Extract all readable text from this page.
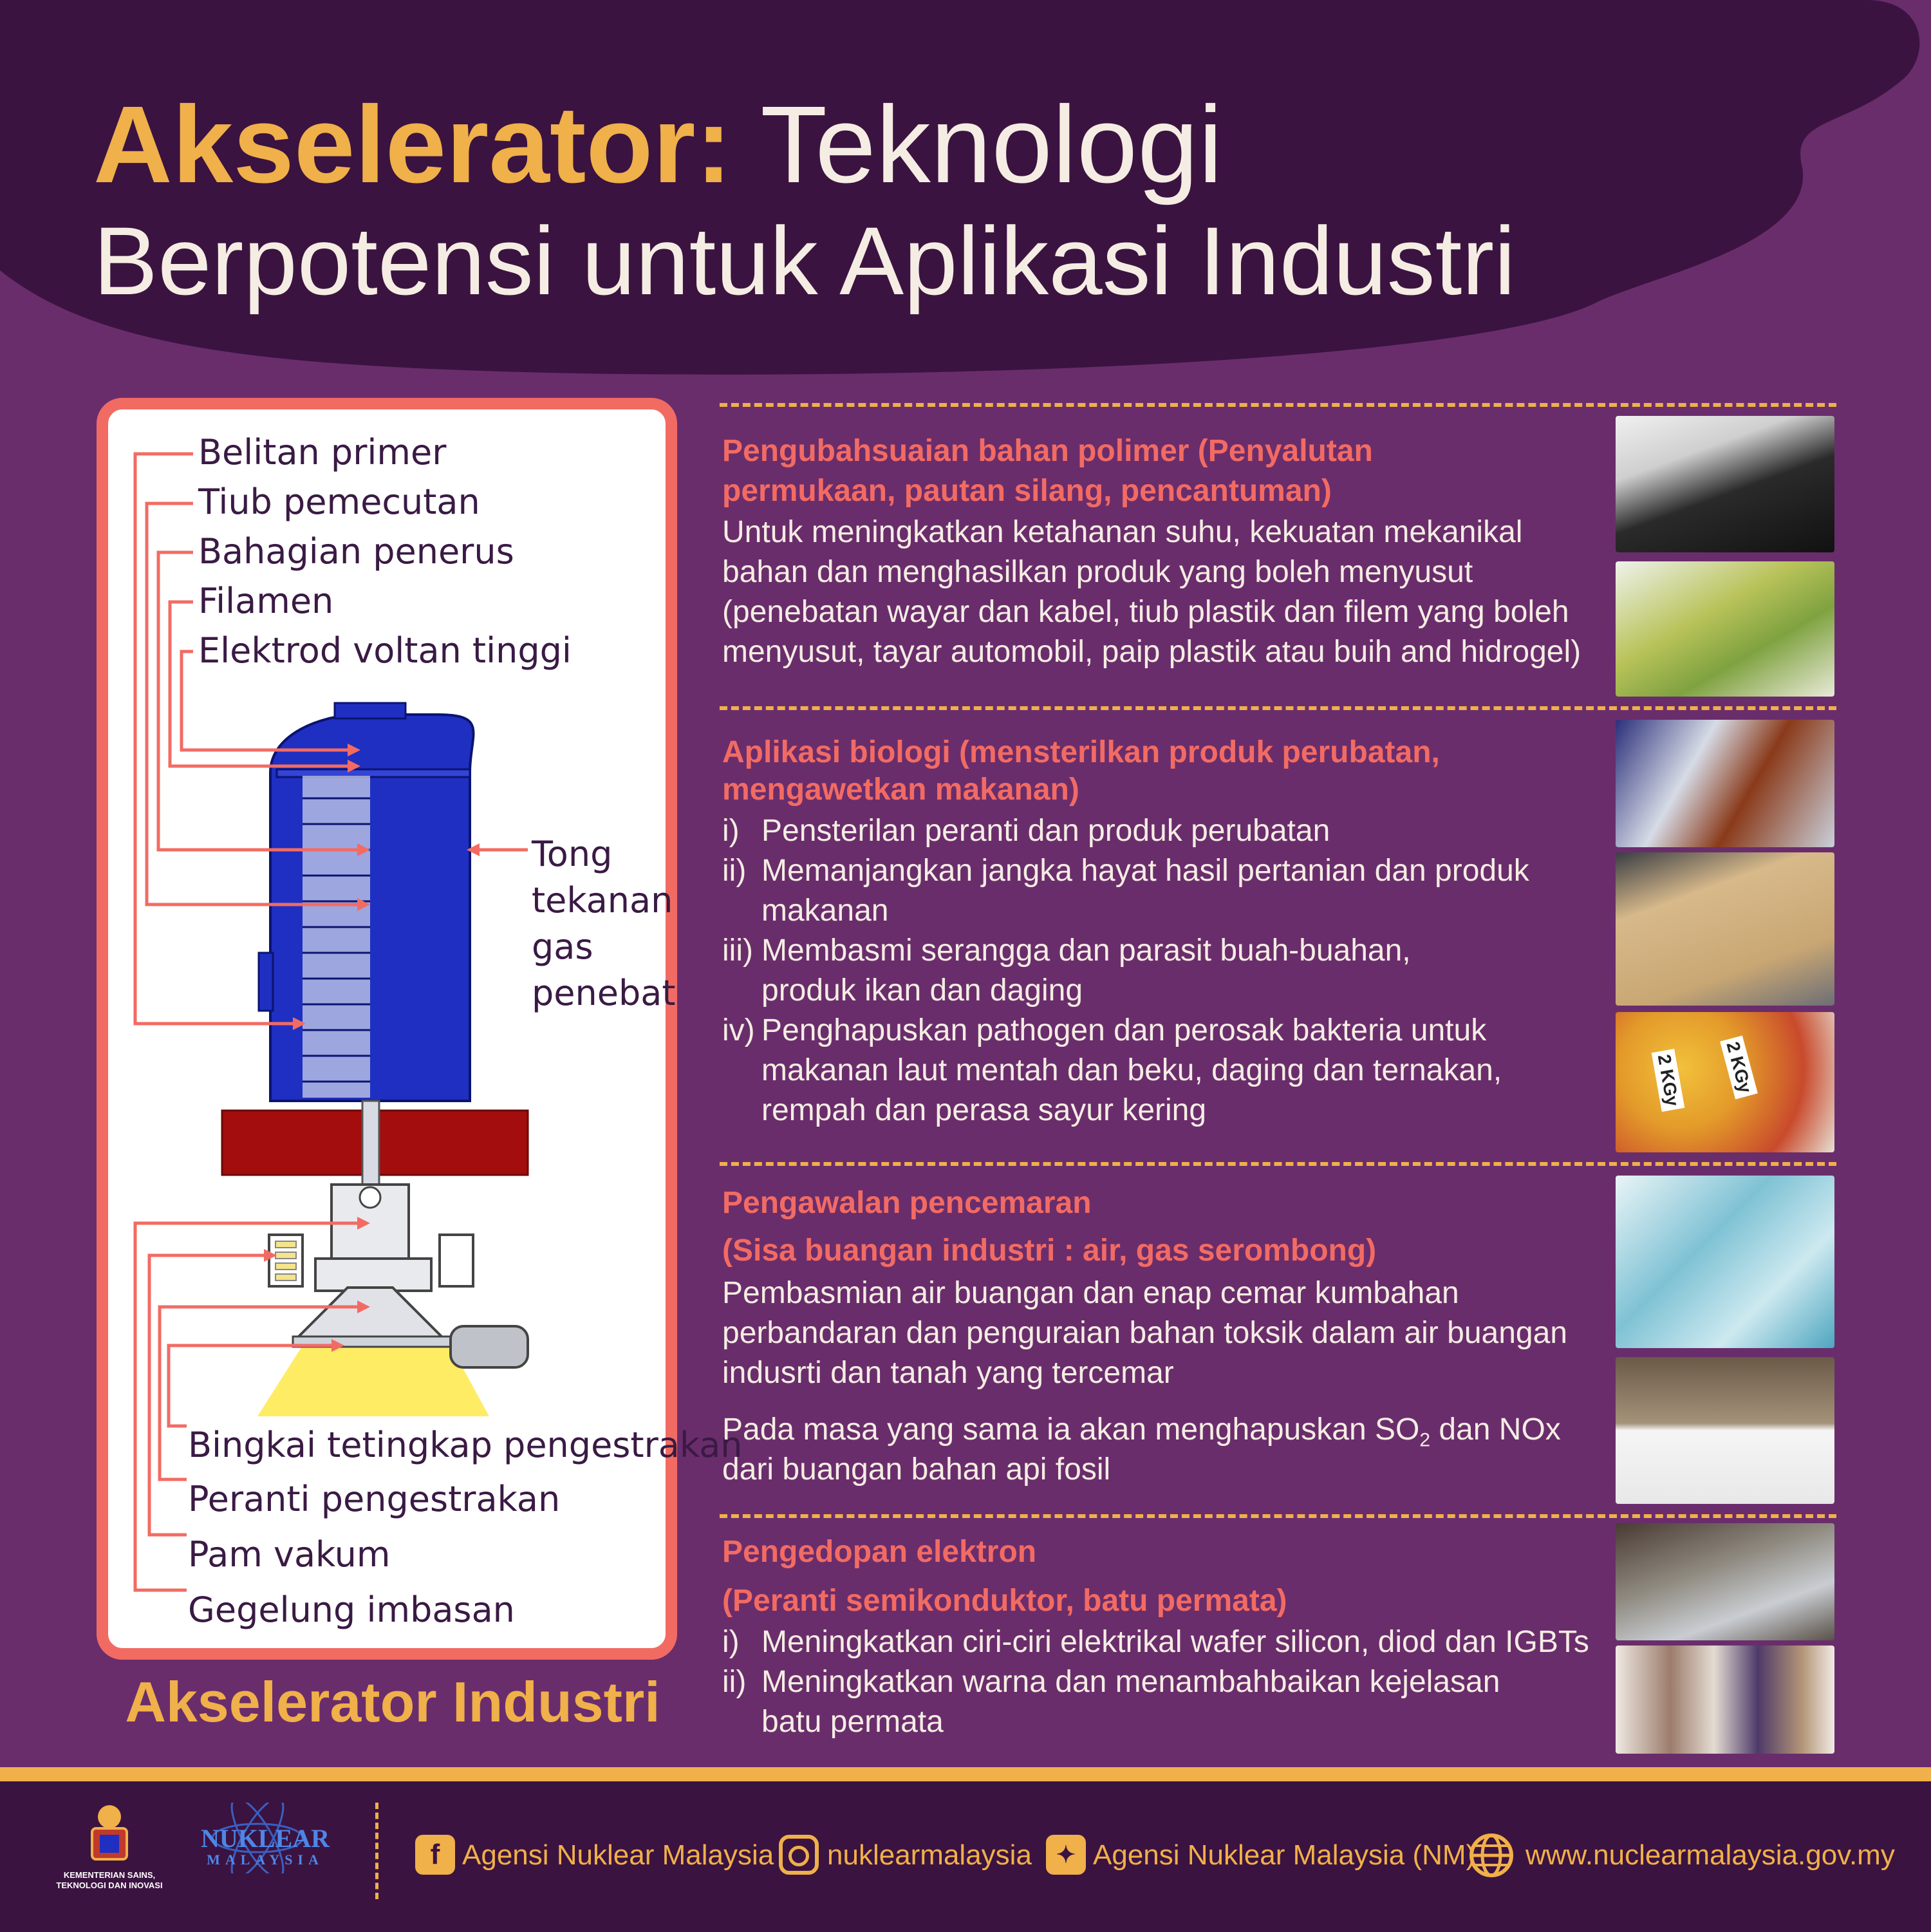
Akselerator: Teknologi
Berpotensi untuk Aplikasi Industri
Belitan primer
Tiub pemecutan
Bahagian penerus
Filamen
Elektrod voltan tinggi
Tong
tekanan
gas
penebat
Bingkai tetingkap pengestrakan
Peranti pengestrakan
Pam vakum
Gegelung imbasan
Akselerator Industri
Pengubahsuaian bahan polimer (Penyalutan
permukaan, pautan silang, pencantuman)
Untuk meningkatkan ketahanan suhu, kekuatan mekanikal
bahan dan menghasilkan produk yang boleh menyusut
(penebatan wayar dan kabel, tiub plastik dan filem yang boleh
menyusut, tayar automobil, paip plastik atau buih and hidrogel)
Aplikasi biologi (mensterilkan produk perubatan,
mengawetkan makanan)
i) Pensterilan peranti dan produk perubatan
ii) Memanjangkan jangka hayat hasil pertanian dan produk
makanan
iii) Membasmi serangga dan parasit buah-buahan,
produk ikan dan daging
iv) Penghapuskan pathogen dan perosak bakteria untuk
makanan laut mentah dan beku, daging dan ternakan,
rempah dan perasa sayur kering
2 KGy 2 KGy
Pengawalan pencemaran
(Sisa buangan industri : air, gas serombong)
Pembasmian air buangan dan enap cemar kumbahan
perbandaran dan penguraian bahan toksik dalam air buangan
indusrti dan tanah yang tercemar
Pada masa yang sama ia akan menghapuskan $SO_2$ dan NOx
dari buangan bahan api fosil
Pengedopan elektron
(Peranti semikonduktor, batu permata)
i) Meningkatkan ciri-ciri elektrikal wafer silicon, diod dan IGBTs
ii) Meningkatkan warna dan menambahbaikan kejelasan
batu permata
KEMENTERIAN SAINS,
TEKNOLOGI DAN INOVASI
NUKLEAR
MALAYSIA	f Agensi Nuklear Malaysia nuklearmalaysia	✦ Agensi Nuklear Malaysia (NM) www.nuclearmalaysia.gov.my
